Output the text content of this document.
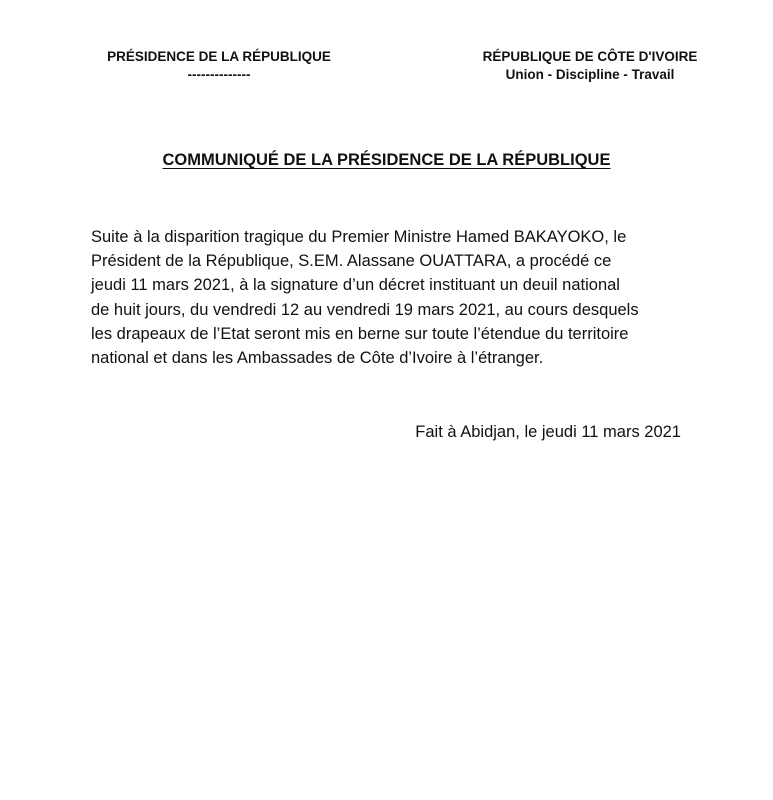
PRÉSIDENCE DE LA RÉPUBLIQUE
--------------
RÉPUBLIQUE DE CÔTE D'IVOIRE
Union - Discipline - Travail
COMMUNIQUÉ DE LA PRÉSIDENCE DE LA RÉPUBLIQUE
Suite à la disparition tragique du Premier Ministre Hamed BAKAYOKO, le
Président de la République, S.EM. Alassane OUATTARA, a procédé ce
jeudi 11 mars 2021, à la signature d’un décret instituant un deuil national
de huit jours, du vendredi 12 au vendredi 19 mars 2021, au cours desquels
les drapeaux de l’Etat seront mis en berne sur toute l’étendue du territoire
national et dans les Ambassades de Côte d’Ivoire à l’étranger.
Fait à Abidjan, le jeudi 11 mars 2021
